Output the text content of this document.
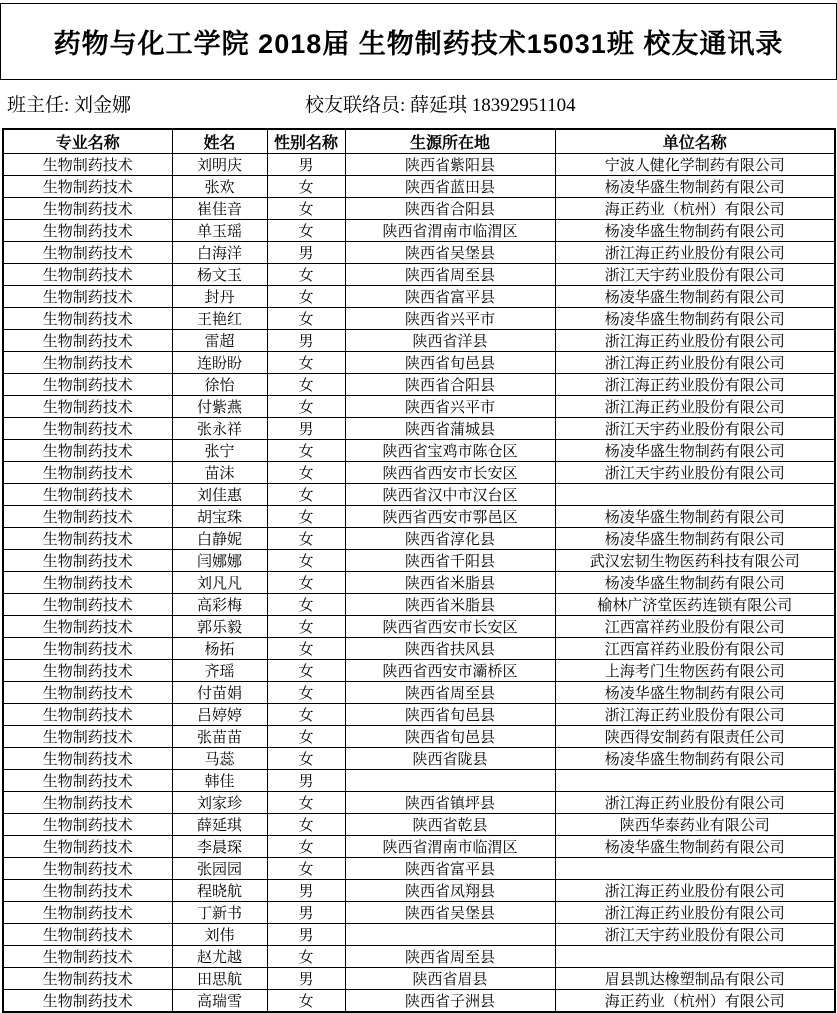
药物与化工学院 2018届 生物制药技术15031班 校友通讯录
班主任: 刘金娜	校友联络员: 薛延琪 18392951104
专业名称	姓名	性别名称	生源所在地	单位名称
生物制药技术	刘明庆	男	陕西省紫阳县	宁波人健化学制药有限公司
生物制药技术	张欢	女	陕西省蓝田县	杨凌华盛生物制药有限公司
生物制药技术	崔佳音	女	陕西省合阳县	海正药业（杭州）有限公司
生物制药技术	单玉瑶	女	陕西省渭南市临渭区	杨凌华盛生物制药有限公司
生物制药技术	白海洋	男	陕西省吴堡县	浙江海正药业股份有限公司
生物制药技术	杨文玉	女	陕西省周至县	浙江天宇药业股份有限公司
生物制药技术	封丹	女	陕西省富平县	杨凌华盛生物制药有限公司
生物制药技术	王艳红	女	陕西省兴平市	杨凌华盛生物制药有限公司
生物制药技术	雷超	男	陕西省洋县	浙江海正药业股份有限公司
生物制药技术	连盼盼	女	陕西省旬邑县	浙江海正药业股份有限公司
生物制药技术	徐怡	女	陕西省合阳县	浙江海正药业股份有限公司
生物制药技术	付紫燕	女	陕西省兴平市	浙江海正药业股份有限公司
生物制药技术	张永祥	男	陕西省蒲城县	浙江天宇药业股份有限公司
生物制药技术	张宁	女	陕西省宝鸡市陈仓区	杨凌华盛生物制药有限公司
生物制药技术	苗沫	女	陕西省西安市长安区	浙江天宇药业股份有限公司
生物制药技术	刘佳惠	女	陕西省汉中市汉台区	
生物制药技术	胡宝珠	女	陕西省西安市鄠邑区	杨凌华盛生物制药有限公司
生物制药技术	白静妮	女	陕西省淳化县	杨凌华盛生物制药有限公司
生物制药技术	闫娜娜	女	陕西省千阳县	武汉宏韧生物医药科技有限公司
生物制药技术	刘凡凡	女	陕西省米脂县	杨凌华盛生物制药有限公司
生物制药技术	高彩梅	女	陕西省米脂县	榆林广济堂医药连锁有限公司
生物制药技术	郭乐毅	女	陕西省西安市长安区	江西富祥药业股份有限公司
生物制药技术	杨拓	女	陕西省扶风县	江西富祥药业股份有限公司
生物制药技术	齐瑶	女	陕西省西安市灞桥区	上海考门生物医药有限公司
生物制药技术	付苗娟	女	陕西省周至县	杨凌华盛生物制药有限公司
生物制药技术	吕婷婷	女	陕西省旬邑县	浙江海正药业股份有限公司
生物制药技术	张苗苗	女	陕西省旬邑县	陕西得安制药有限责任公司
生物制药技术	马蕊	女	陕西省陇县	杨凌华盛生物制药有限公司
生物制药技术	韩佳	男		
生物制药技术	刘家珍	女	陕西省镇坪县	浙江海正药业股份有限公司
生物制药技术	薛延琪	女	陕西省乾县	陕西华泰药业有限公司
生物制药技术	李晨琛	女	陕西省渭南市临渭区	杨凌华盛生物制药有限公司
生物制药技术	张园园	女	陕西省富平县	
生物制药技术	程晓航	男	陕西省凤翔县	浙江海正药业股份有限公司
生物制药技术	丁新书	男	陕西省吴堡县	浙江海正药业股份有限公司
生物制药技术	刘伟	男		浙江天宇药业股份有限公司
生物制药技术	赵尤越	女	陕西省周至县	
生物制药技术	田思航	男	陕西省眉县	眉县凯达橡塑制品有限公司
生物制药技术	高瑞雪	女	陕西省子洲县	海正药业（杭州）有限公司
